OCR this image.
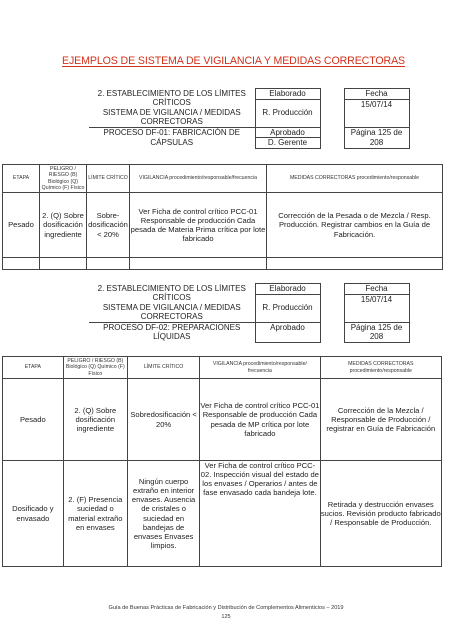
EJEMPLOS DE SISTEMA DE VIGILANCIA Y MEDIDAS CORRECTORAS
2. ESTABLECIMIENTO DE LOS LÍMITES
CRÍTICOS
SISTEMA DE VIGILANCIA / MEDIDAS
CORRECTORAS	Elaborado		Fecha
	R. Producción		15/07/14

PROCESO DF-01: FABRICACIÓN DE
CÁPSULAS	Aprobado		Página 125 de 208
	D. Gerente		
ETAPA	PELIGRO / RIESGO (B) Biológico (Q) Químico (F) Físico	LÍMITE CRÍTICO	VIGILANCIA procedimiento/responsable/frecuencia	MEDIDAS CORRECTORAS procedimiento/responsable
Pesado	2. (Q) Sobre dosificación ingrediente	Sobre-dosificación < 20%	Ver Ficha de control crítico PCC-01 Responsable de producción Cada pesada de Materia Prima crítica por lote fabricado	Corrección de la Pesada o de Mezcla / Resp. Producción. Registrar cambios en la Guía de Fabricación.

2. ESTABLECIMIENTO DE LOS LÍMITES
CRÍTICOS
SISTEMA DE VIGILANCIA / MEDIDAS
CORRECTORAS	Elaborado		Fecha
	R. Producción		15/07/14

PROCESO DF-02: PREPARACIONES
LÍQUIDAS	Aprobado		Página 125 de 208
ETAPA	PELIGRO / RIESGO (B) Biológico (Q) Químico (F) Físico	LÍMITE CRÍTICO	VIGILANCIA procedimiento/responsable/ frecuencia	MEDIDAS CORRECTORAS procedimiento/responsable
Pesado	2. (Q) Sobre dosificación ingrediente	Sobredosificación < 20%	Ver Ficha de control crítico PCC-01 Responsable de producción Cada pesada de MP crítica por lote fabricado	Corrección de la Mezcla / Responsable de Producción / registrar en Guía de Fabricación
Dosificado y envasado	2. (F) Presencia suciedad o material extraño en envases	Ningún cuerpo extraño en interior envases. Ausencia de cristales o suciedad en bandejas de envases Envases limpios.	Ver Ficha de control crítico PCC-02. Inspección visual del estado de los envases / Operarios / antes de fase envasado cada bandeja lote.	Retirada y destrucción envases sucios. Revisión producto fabricado / Responsable de Producción.
Guía de Buenas Prácticas de Fabricación y Distribución de Complementos Alimenticios – 2019
125
